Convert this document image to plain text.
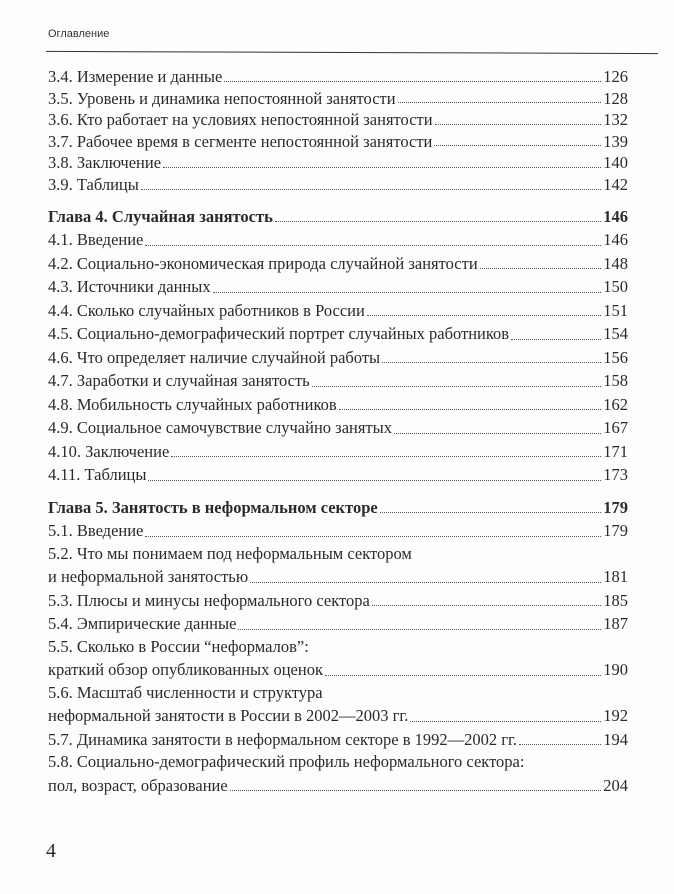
Оглавление
3.4. Измерение и данные	126
3.5. Уровень и динамика непостоянной занятости	128
3.6. Кто работает на условиях непостоянной занятости	132
3.7. Рабочее время в сегменте непостоянной занятости	139
3.8. Заключение	140
3.9. Таблицы	142
Глава 4. Случайная занятость	146
4.1. Введение	146
4.2. Социально-экономическая природа случайной занятости	148
4.3. Источники данных	150
4.4. Сколько случайных работников в России	151
4.5. Социально-демографический портрет случайных работников	154
4.6. Что определяет наличие случайной работы	156
4.7. Заработки и случайная занятость	158
4.8. Мобильность случайных работников	162
4.9. Социальное самочувствие случайно занятых	167
4.10. Заключение	171
4.11. Таблицы	173
Глава 5. Занятость в неформальном секторе	179
5.1. Введение	179
5.2. Что мы понимаем под неформальным сектором
и неформальной занятостью	181
5.3. Плюсы и минусы неформального сектора	185
5.4. Эмпирические данные	187
5.5. Сколько в России “неформалов”:
краткий обзор опубликованных оценок	190
5.6. Масштаб численности и структура
неформальной занятости в России в 2002—2003 гг.	192
5.7. Динамика занятости в неформальном секторе в 1992—2002 гг.	194
5.8. Социально-демографический профиль неформального сектора:
пол, возраст, образование	204
4
